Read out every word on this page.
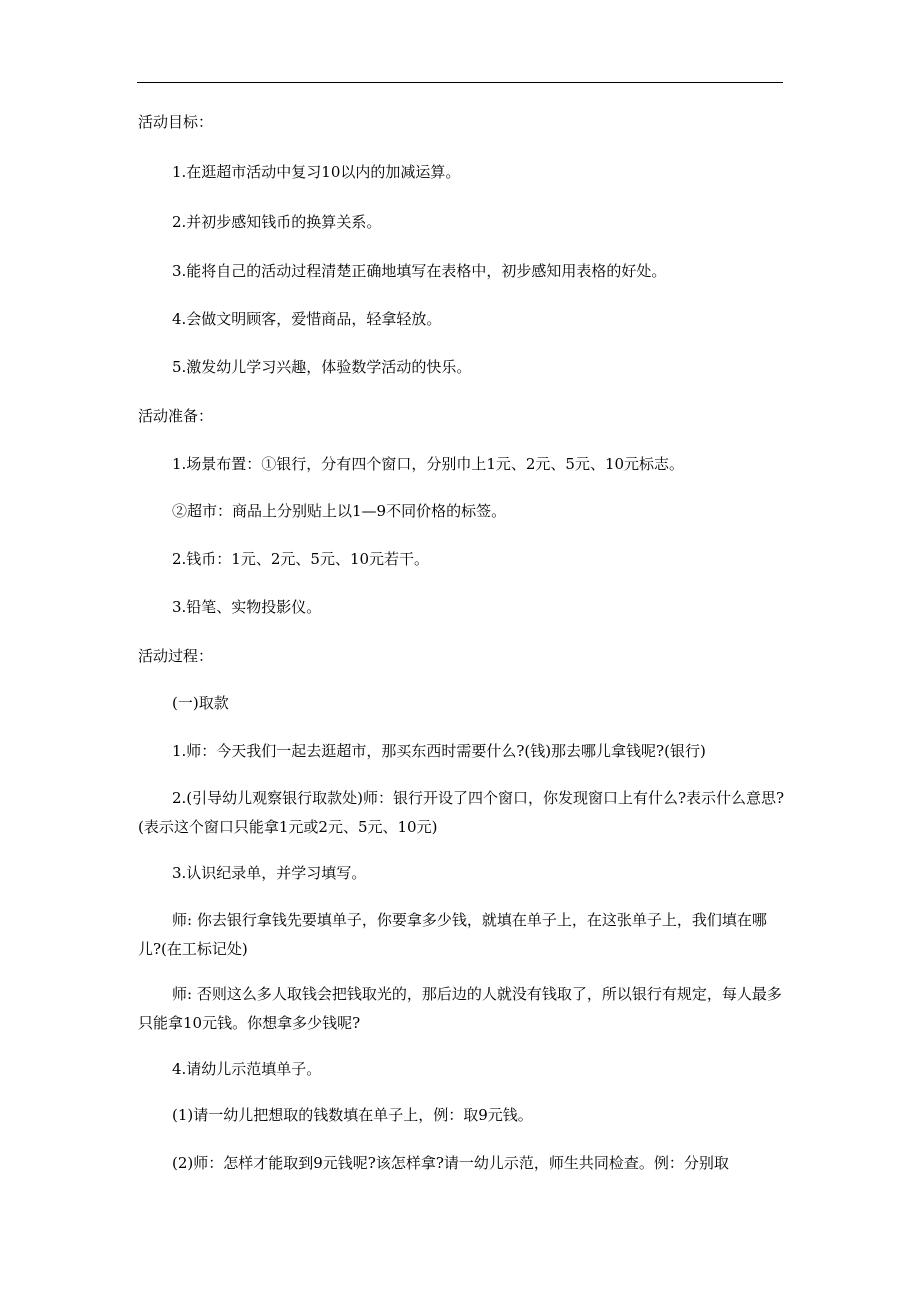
活动目标：
1.在逛超市活动中复习10以内的加减运算。
2.并初步感知钱币的换算关系。
3.能将自己的活动过程清楚正确地填写在表格中，初步感知用表格的好处。
4.会做文明顾客，爱惜商品，轻拿轻放。
5.激发幼儿学习兴趣，体验数学活动的快乐。
活动准备：
1.场景布置：①银行，分有四个窗口，分别巾上1元、2元、5元、10元标志。
②超市：商品上分别贴上以1—9不同价格的标签。
2.钱币：1元、2元、5元、10元若干。
3.铅笔、实物投影仪。
活动过程：
(一)取款
1.师：今天我们一起去逛超市，那买东西时需要什么?(钱)那去哪儿拿钱呢?(银行)
2.(引导幼儿观察银行取款处)师：银行开设了四个窗口，你发现窗口上有什么?表示什么意思?(表示这个窗口只能拿1元或2元、5元、10元)
3.认识纪录单，并学习填写。
师: 你去银行拿钱先要填单子，你要拿多少钱，就填在单子上，在这张单子上，我们填在哪儿?(在工标记处)
师: 否则这么多人取钱会把钱取光的，那后边的人就没有钱取了，所以银行有规定，每人最多只能拿10元钱。你想拿多少钱呢?
4.请幼儿示范填单子。
(1)请一幼儿把想取的钱数填在单子上，例：取9元钱。
(2)师：怎样才能取到9元钱呢?该怎样拿?请一幼儿示范，师生共同检查。例：分别取
